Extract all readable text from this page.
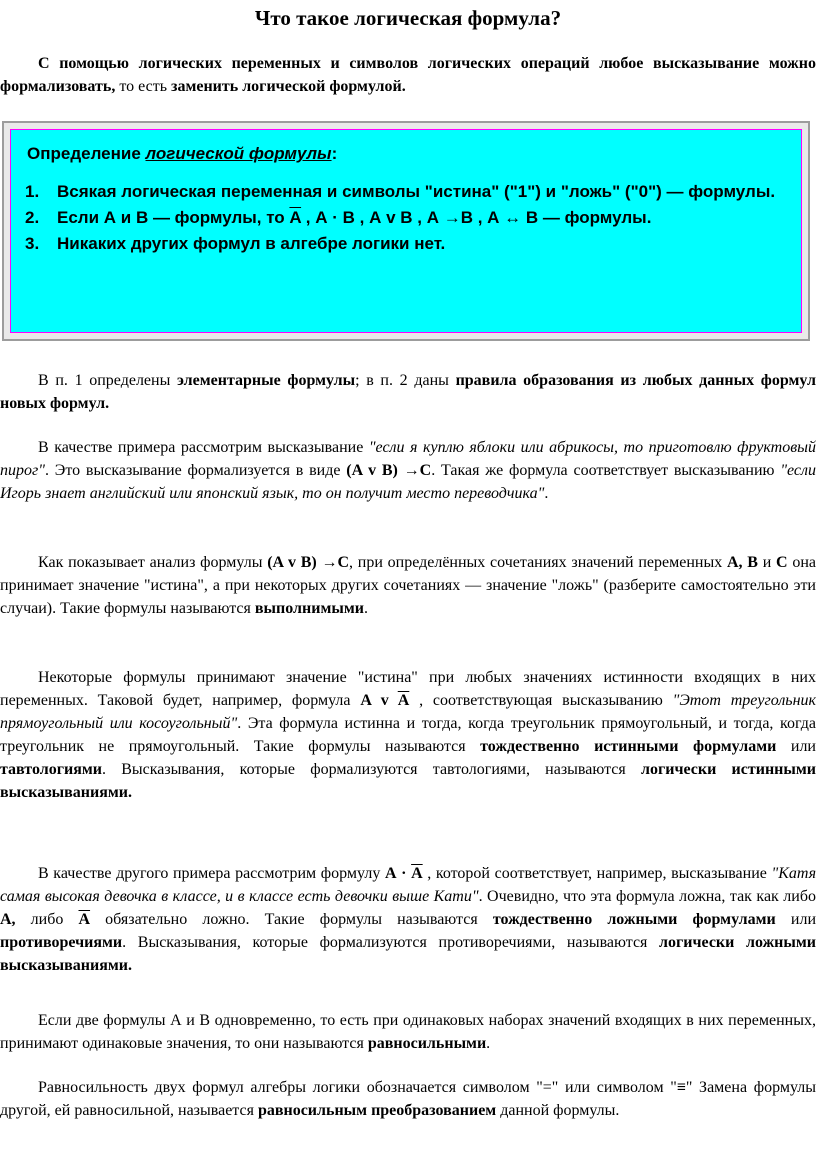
Что такое логическая формула?

С помощью логических переменных и символов логических операций любое высказывание можно формализовать, то есть заменить логической формулой.

Определение логической формулы:
1. Всякая логическая переменная и символы "истина" ("1") и "ложь" ("0") — формулы.
2. Если А и В — формулы, то $\overline{A}$ , А · В , А v В , А →В , А ↔ В — формулы.
3. Никаких других формул в алгебре логики нет.

В п. 1 определены элементарные формулы; в п. 2 даны правила образования из любых данных формул новых формул.

В качестве примера рассмотрим высказывание "если я куплю яблоки или абрикосы, то приготовлю фруктовый пирог". Это высказывание формализуется в виде (A v B) →C. Такая же формула соответствует высказыванию "если Игорь знает английский или японский язык, то он получит место переводчика".

Как показывает анализ формулы (A v B) →C, при определённых сочетаниях значений переменных A, B и C она принимает значение "истина", а при некоторых других сочетаниях — значение "ложь" (разберите самостоятельно эти случаи). Такие формулы называются выполнимыми.

Некоторые формулы принимают значение "истина" при любых значениях истинности входящих в них переменных. Таковой будет, например, формула A v $\overline{A}$ , соответствующая высказыванию "Этот треугольник прямоугольный или косоугольный". Эта формула истинна и тогда, когда треугольник прямоугольный, и тогда, когда треугольник не прямоугольный. Такие формулы называются тождественно истинными формулами или тавтологиями. Высказывания, которые формализуются тавтологиями, называются логически истинными высказываниями.

В качестве другого примера рассмотрим формулу $А \cdot \overline{A}$ , которой соответствует, например, высказывание "Катя самая высокая девочка в классе, и в классе есть девочки выше Кати". Очевидно, что эта формула ложна, так как либо А, либо $\overline{A}$ обязательно ложно. Такие формулы называются тождественно ложными формулами или противоречиями. Высказывания, которые формализуются противоречиями, называются логически ложными высказываниями.

Если две формулы А и В одновременно, то есть при одинаковых наборах значений входящих в них переменных, принимают одинаковые значения, то они называются равносильными.

Равносильность двух формул алгебры логики обозначается символом "=" или символом "≡" Замена формулы другой, ей равносильной, называется равносильным преобразованием данной формулы.
